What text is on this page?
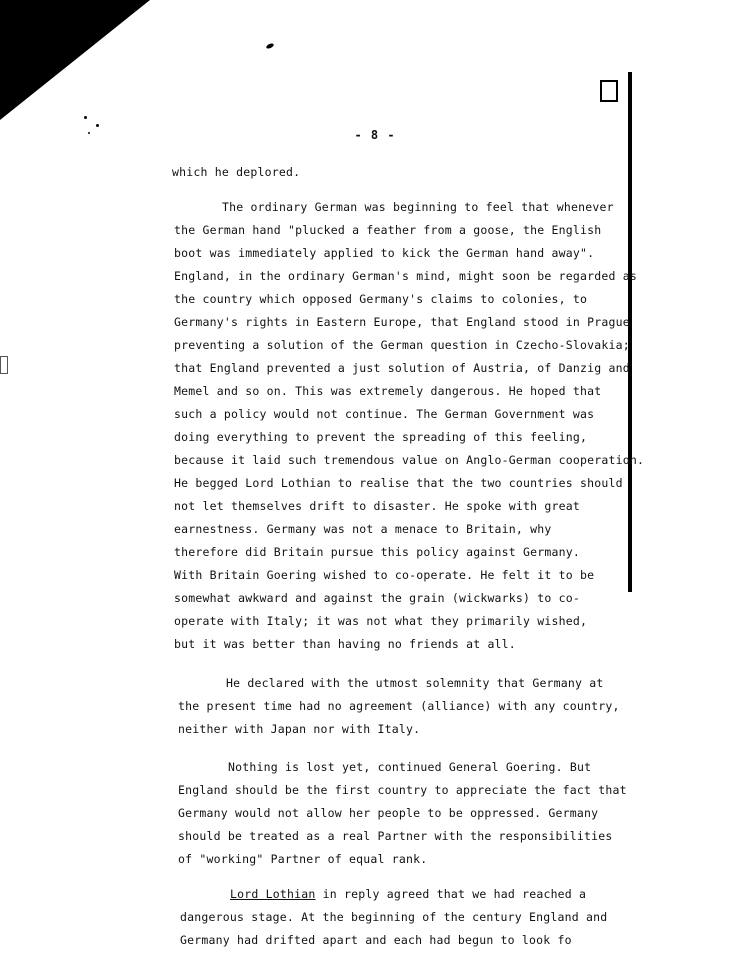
- 8 -
which he deplored.
The ordinary German was beginning to feel that whenever
the German hand "plucked a feather from a goose, the English
boot was immediately applied to kick the German hand away".
England, in the ordinary German's mind, might soon be regarded as
the country which opposed Germany's claims to colonies, to
Germany's rights in Eastern Europe, that England stood in Prague
preventing a solution of the German question in Czecho-Slovakia;
that England prevented a just solution of Austria, of Danzig and
Memel and so on. This was extremely dangerous. He hoped that
such a policy would not continue. The German Government was
doing everything to prevent the spreading of this feeling,
because it laid such tremendous value on Anglo-German cooperation.
He begged Lord Lothian to realise that the two countries should
not let themselves drift to disaster. He spoke with great
earnestness. Germany was not a menace to Britain, why
therefore did Britain pursue this policy against Germany.
With Britain Goering wished to co-operate. He felt it to be
somewhat awkward and against the grain (wickwarks) to co-
operate with Italy; it was not what they primarily wished,
but it was better than having no friends at all.
He declared with the utmost solemnity that Germany at
the present time had no agreement (alliance) with any country,
neither with Japan nor with Italy.
Nothing is lost yet, continued General Goering. But
England should be the first country to appreciate the fact that
Germany would not allow her people to be oppressed. Germany
should be treated as a real Partner with the responsibilities
of "working" Partner of equal rank.
Lord Lothian in reply agreed that we had reached a
dangerous stage. At the beginning of the century England and
Germany had drifted apart and each had begun to look fo
